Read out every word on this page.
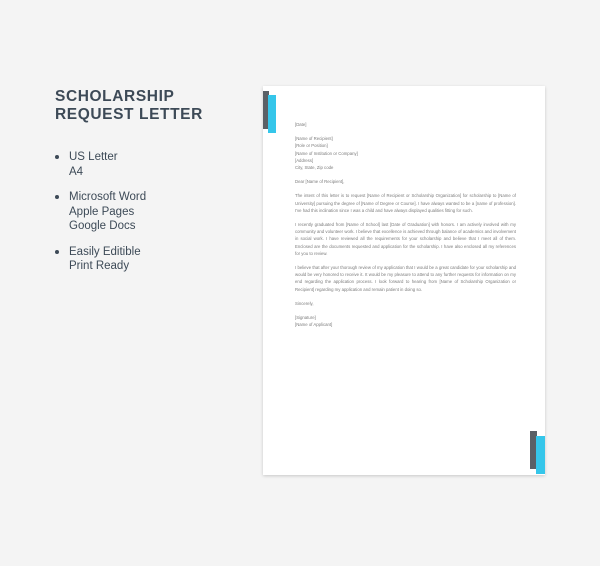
SCHOLARSHIP REQUEST LETTER
US Letter
A4
Microsoft Word
Apple Pages
Google Docs
Easily Editible
Print Ready

[Date]

[Name of Recipient]

[Role or Position]

[Name of Institution or Company]

[Address]

City, State, Zip code

Dear [Name of Recipient],

The intent of this letter is to request [Name of Recipient or Scholarship Organization] for scholarship to [Name of University] pursuing the degree of [Name of Degree or Course]. I have always wanted to be a [name of profession]. I've had this inclination since I was a child and have always displayed qualities fitting for such.

I recently graduated from [Name of School] last [Date of Graduation] with honors. I am actively involved with my community and volunteer work. I believe that excellence is achieved through balance of academics and involvement in social work. I have reviewed all the requirements for your scholarship and believe that I meet all of them. Enclosed are the documents requested and application for the scholarship. I have also enclosed all my references for you to review.

I believe that after your thorough review of my application that I would be a great candidate for your scholarship and would be very honored to receive it. It would be my pleasure to attend to any further requests for information on my end regarding the application process. I look forward to hearing from [Name of Scholarship Organization or Recipient] regarding my application and remain patient in doing so.

Sincerely,

[Signature]

[Name of Applicant]
